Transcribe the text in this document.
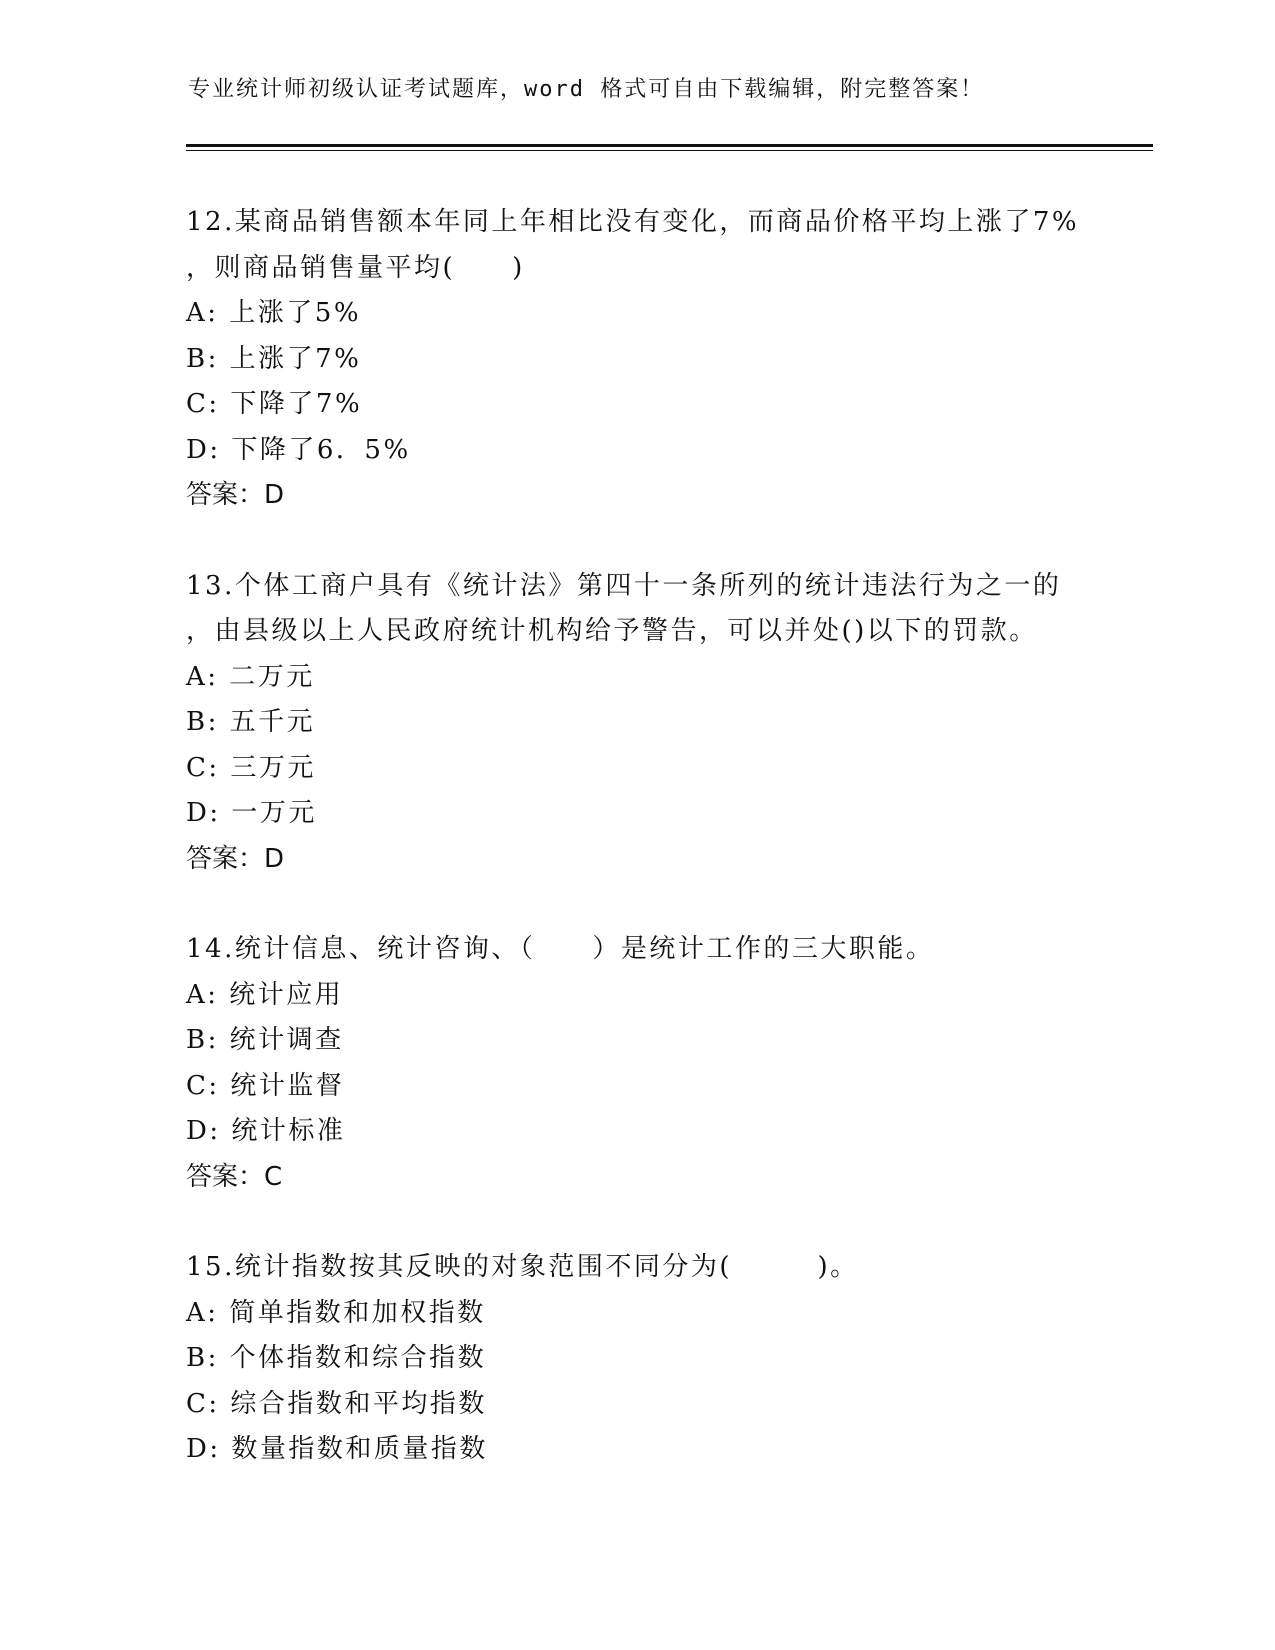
专业统计师初级认证考试题库，word 格式可自由下载编辑，附完整答案！
12.某商品销售额本年同上年相比没有变化，而商品价格平均上涨了7%
，则商品销售量平均(　　)
A: 上涨了5%
B: 上涨了7%
C: 下降了7%
D: 下降了6．5%
答案：D
13.个体工商户具有《统计法》第四十一条所列的统计违法行为之一的
，由县级以上人民政府统计机构给予警告，可以并处()以下的罚款。
A: 二万元
B: 五千元
C: 三万元
D: 一万元
答案：D
14.统计信息、统计咨询、（　　）是统计工作的三大职能。
A: 统计应用
B: 统计调查
C: 统计监督
D: 统计标准
答案：C
15.统计指数按其反映的对象范围不同分为(　　　)。
A: 简单指数和加权指数
B: 个体指数和综合指数
C: 综合指数和平均指数
D: 数量指数和质量指数
